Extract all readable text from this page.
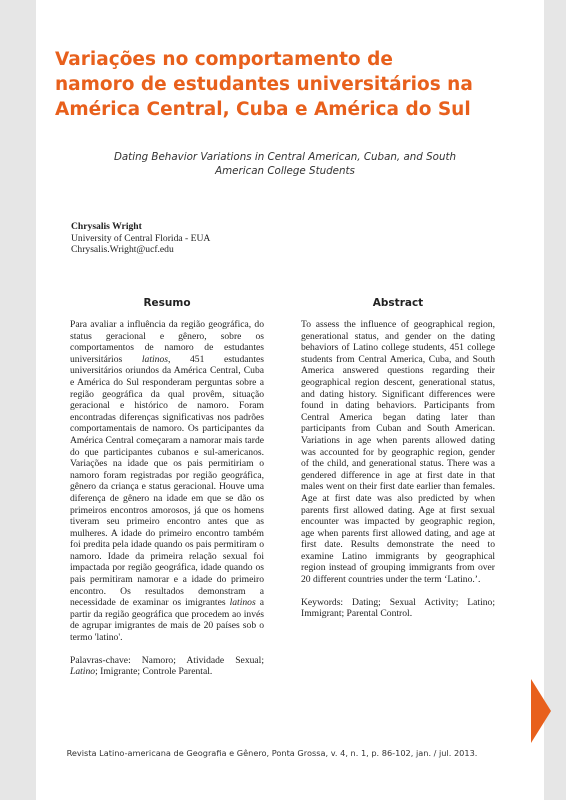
Variações no comportamento de namoro de estudantes universitários na América Central, Cuba e América do Sul

Dating Behavior Variations in Central American, Cuban, and South American College Students

Chrysalis Wright
University of Central Florida - EUA
Chrysalis.Wright@ucf.edu
Resumo

Para avaliar a influência da região geográfica, do status geracional e gênero, sobre os comportamentos de namoro de estudantes universitários latinos, 451 estudantes universitários oriundos da América Central, Cuba e América do Sul responderam perguntas sobre a região geográfica da qual provêm, situação geracional e histórico de namoro. Foram encontradas diferenças significativas nos padrões comportamentais de namoro. Os participantes da América Central começaram a namorar mais tarde do que participantes cubanos e sul-americanos. Variações na idade que os pais permitiriam o namoro foram registradas por região geográfica, gênero da criança e status geracional. Houve uma diferença de gênero na idade em que se dão os primeiros encontros amorosos, já que os homens tiveram seu primeiro encontro antes que as mulheres. A idade do primeiro encontro também foi predita pela idade quando os pais permitiram o namoro. Idade da primeira relação sexual foi impactada por região geográfica, idade quando os pais permitiram namorar e a idade do primeiro encontro. Os resultados demonstram a necessidade de examinar os imigrantes latinos a partir da região geográfica que procedem ao invés de agrupar imigrantes de mais de 20 países sob o termo 'latino'.

Palavras-chave: Namoro; Atividade Sexual; Latino; Imigrante; Controle Parental.

Abstract

To assess the influence of geographical region, generational status, and gender on the dating behaviors of Latino college students, 451 college students from Central America, Cuba, and South America answered questions regarding their geographical region descent, generational status, and dating history. Significant differences were found in dating behaviors. Participants from Central America began dating later than participants from Cuban and South American. Variations in age when parents allowed dating was accounted for by geographic region, gender of the child, and generational status. There was a gendered difference in age at first date in that males went on their first date earlier than females. Age at first date was also predicted by when parents first allowed dating. Age at first sexual encounter was impacted by geographic region, age when parents first allowed dating, and age at first date. Results demonstrate the need to examine Latino immigrants by geographical region instead of grouping immigrants from over 20 different countries under the term ‘Latino.’.

Keywords: Dating; Sexual Activity; Latino; Immigrant; Parental Control.

Revista Latino-americana de Geografia e Gênero, Ponta Grossa, v. 4, n. 1, p. 86-102, jan. / jul. 2013.
